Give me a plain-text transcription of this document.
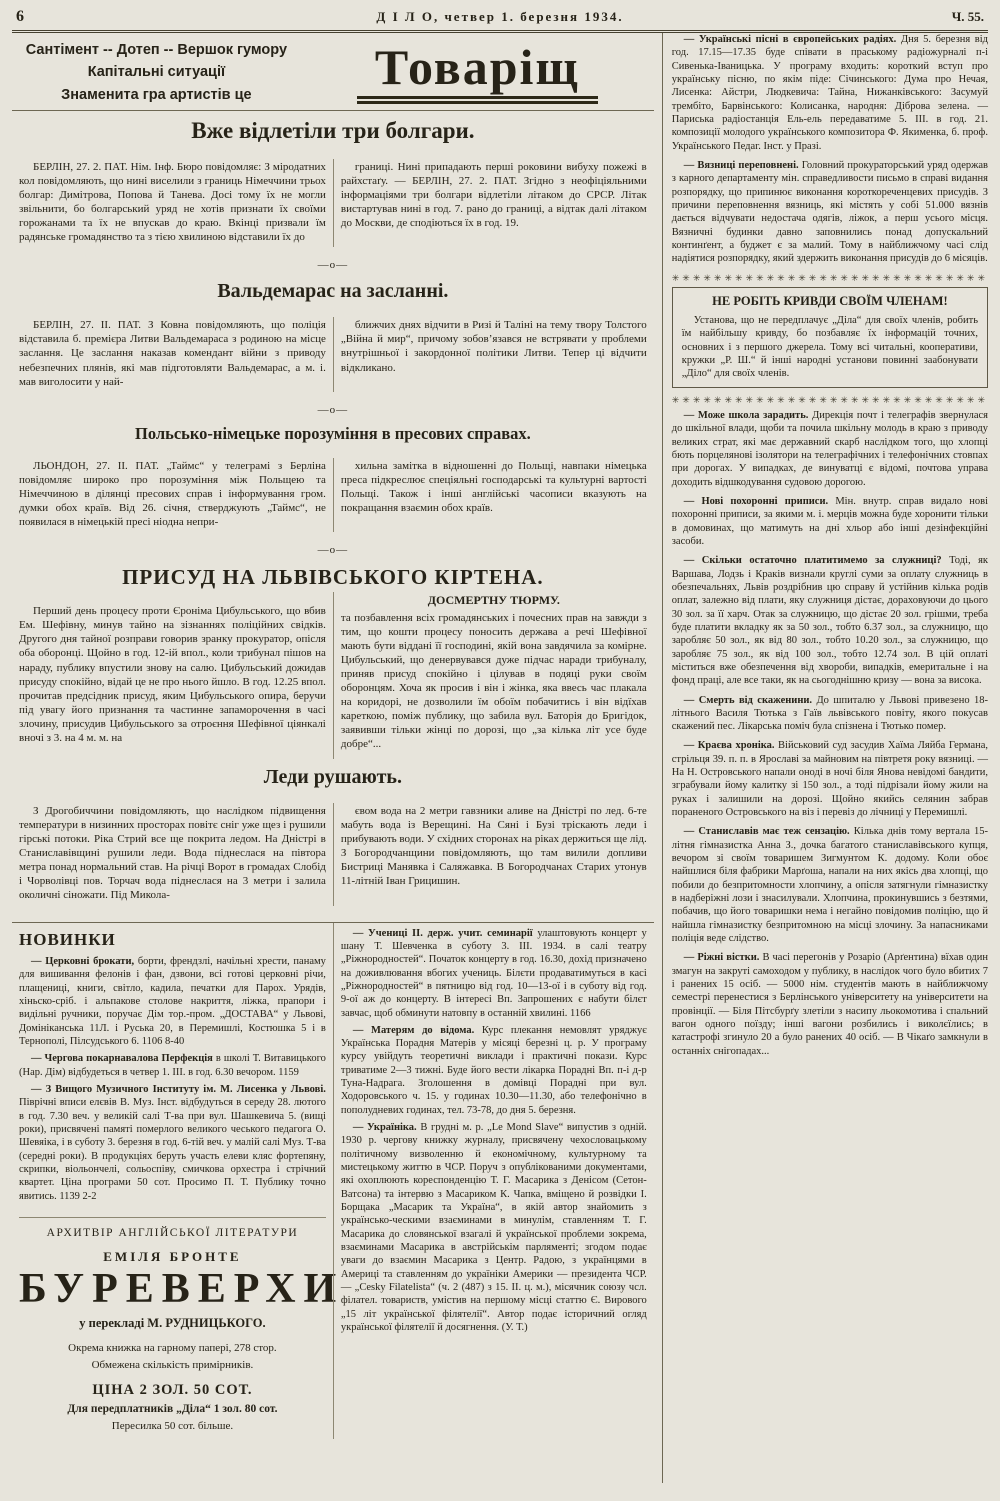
6	Д І Л О, четвер 1. березня 1934.	Ч. 55.
Сантімент -- Дотеп -- Вершок гумору
Капітальні ситуації
Знаменита гра артистів це	Товаріщ
Вже відлетіли три болгари.

БЕРЛІН, 27. 2. ПАТ. Нім. Інф. Бюро повідомляє: З міродатних кол повідомляють, що нині виселили з границь Німеччини трьох болгар: Димітрова, Попова й Танева. Досі тому їх не могли звільнити, бо болгарський уряд не хотів признати їх своїми горожанами та їх не впускав до краю. Вкінці призвали їм радянське громадянство та з тією хвилиною відставили їх до

границі. Нині припадають перші роковини вибуху пожежі в райхстаґу. — БЕРЛІН, 27. 2. ПАТ. Згідно з неофіціяльними інформаціями три болгари відлетіли літаком до СРСР. Літак вистартував нині в год. 7. рано до границі, а відтак далі літаком до Москви, де сподіються їх в год. 19.

—о—
Вальдемарас на засланні.

БЕРЛІН, 27. ІІ. ПАТ. З Ковна повідомляють, що поліція відставила б. премієра Литви Вальдемараса з родиною на місце заслання. Це заслання наказав комендант війни з приводу небезпечних плянів, які мав підготовляти Вальдемарас, а м. і. мав виголосити у най-

ближчих днях відчити в Ризі й Таліні на тему твору Толстого „Війна й мир“, причому зобов’язався не встрявати у проблеми внутрішньої і закордонної політики Литви. Тепер ці відчити відкликано.

—о—
Польсько-німецьке порозуміння в пресових справах.

ЛЬОНДОН, 27. ІІ. ПАТ. „Таймс“ у телеграмі з Берліна повідомляє широко про порозуміння між Польщею та Німеччиною в ділянці пресових справ і інформування гром. думки обох країв. Від 26. січня, стверджують „Таймс“, не появилася в німецькій пресі ніодна непри-

хильна замітка в відношенні до Польщі, навпаки німецька преса підкреслює спеціяльні господарські та культурні вартості Польщі. Також і інші англійські часописи вказують на покращання взаємин обох країв.

—о—
ПРИСУД НА ЛЬВІВСЬКОГО КІРТЕНА.

Перший день процесу проти Єроніма Цибульського, що вбив Ем. Шефівну, минув тайно на зізнаннях поліційних свідків. Другого дня тайної розправи говорив зранку прокуратор, опісля оба оборонці. Щойно в год. 12-ій впол., коли трибунал пішов на нараду, публику впустили знову на салю. Цибульський дожидав присуду спокійно, відай це не про нього йшло. В год. 12.25 впол. прочитав предсідник присуд, яким Цибульського опира, беручи під увагу його признання та частинне запаморочення в часі злочину, присудив Цибульського за отроєння Шефівної ціянкалі вночі з 3. на 4 м. м. на

ДОСМЕРТНУ ТЮРМУ.
та позбавлення всіх громадянських і почесних прав на завжди з тим, що кошти процесу поносить держава а речі Шефівної мають бути віддані її господині, якій вона завдячила за комірне. Цибульський, що денервувався дуже підчас наради трибуналу, приняв присуд спокійно і цілував в подяці руки своїм оборонцям. Хоча як просив і він і жінка, яка ввесь час плакала на коридорі, не дозволили їм обоїм побачитись і він відїхав кареткою, поміж публику, що забила вул. Баторія до Бригідок, заявивши тільки жінці по дорозі, що „за кілька літ усе буде добре“...
Леди рушають.

З Дрогобиччини повідомляють, що наслідком підвищення температури в низинних просторах повітє сніг уже щез і рушили гірські потоки. Ріка Стрий все ще покрита ледом. На Дністрі в Станиславівщині рушили леди. Вода піднеслася на півтора метра понад нормальний став. На річці Ворот в громадах Слобід і Чорволівці пов. Торчач вода піднеслася на 3 метри і залила околичні сіножати. Під Микола-

євом вода на 2 метри гавзники аливе на Дністрі по лед. 6-те мабуть вода із Верещині. На Сяні і Бузі тріскають леди і прибувають води. У східних сторонах на ріках держиться ще лід. З Богородчанщини повідомляють, що там вилили допливи Бистриці Манявка і Саляжавка. В Богородчанах Старих утонув 11-літній Іван Грицишин.

НОВИНКИ

— Церковні брокати, борти, френдзлі, начільні хрести, панаму для вишивання фелонів і фан, дзвони, всі готові церковні річи, плащениці, книги, світло, кадила, печатки для Парох. Урядів, хіньско-сріб. і альпакове столове накриття, ліжка, прапори і видільні ручники, поручає Дім тор.-пром. „ДОСТАВА“ у Львові, Домініканська 11Л. і Руська 20, в Перемишлі, Костюшка 5 і в Тернополі, Пілсудського 6. 1106 8-40

— Чергова покарнавалова Перфекція в школі Т. Витавицького (Нар. Дім) відбудеться в четвер 1. ІІІ. в год. 6.30 вечором. 1159

— З Вищого Музичного Інституту ім. М. Лисенка у Львові. Піврічні вписи елєвів В. Муз. Інст. відбудуться в середу 28. лютого в год. 7.30 веч. у великій салі Т-ва при вул. Шашкевича 5. (вищі роки), присвячені памяті померлого великого чеського педагога О. Шевяіка, і в суботу 3. березня в год. 6-тій веч. у малій салі Муз. Т-ва (середні роки). В продукціях беруть участь елеви кляс фортепяну, скрипки, віольончелі, сольоспіву, смичкова орхестра і стрічний квартет. Ціна програми 50 сот. Просимо П. Т. Публику точно явитись. 1139 2-2

АРХИТВІР АНГЛІЙСЬКОЇ ЛІТЕРАТУРИ
ЕМІЛЯ БРОНТЕ
БУРЕВЕРХИ
у перекладі М. РУДНИЦЬКОГО.
Окрема книжка на гарному папері, 278 стор.
Обмежена скількість примірників.
ЦІНА 2 ЗОЛ. 50 СОТ.
Для передплатників „Діла“ 1 зол. 80 сот.
Пересилка 50 сот. більше.

— Учениці ІІ. держ. учит. семинарії улаштовують концерт у шану Т. Шевченка в суботу 3. ІІІ. 1934. в салі театру „Ріжнородностей“. Початок концерту в год. 16.30, дохід призначено на доживлювання вбогих учениць. Білєти продаватимуться в касі „Ріжнородностей“ в пятницю від год. 10—13-ої і в суботу від год. 9-ої аж до концерту. В інтересі Вп. Запрошених є набути білєт завчас, щоб обминути натовпу в останній хвилині. 1166

— Матерям до відома. Курс плекання немовлят уряджує Українська Порадня Матерів у місяці березні ц. р. У програму курсу увійдуть теоретичні виклади і практичні покази. Курс триватиме 2—3 тижні. Буде його вести лікарка Порадні Вп. п-і д-р Туна-Надрага. Зголошення в домівці Порадні при вул. Ходоровського ч. 15. у годинах 10.30—11.30, або телефонічно в пополудневих годинах, тел. 73-78, до дня 5. березня.

— Україніка. В грудні м. р. „Le Mond Slave“ випустив з одній. 1930 р. чергову книжку журналу, присвячену чехословацькому політичному визволенню й економічному, культурному та мистецькому життю в ЧСР. Поруч з опублікованими документами, які охоплюють кореспонденцію Т. Г. Масарика з Денісом (Сетон-Ватсона) та інтервю з Масариком К. Чапка, вміщено й розвідки І. Борщака „Масарик та Україна“, в якій автор знайомить з українсько-ческими взаєминами в минулім, ставленням Т. Г. Масарика до словянської взагалі й української проблеми зокрема, взаєминами Масарика в австрійськім парляменті; згодом подає уваги до взаємин Масарика з Центр. Радою, з українцями в Америці та ставленням до україніки Америки — президента ЧСР. — „Cesky Filatelista“ (ч. 2 (487) з 15. ІІ. ц. м.), місячник союзу чсл. філател. товариств, умістив на першому місці статтю Є. Вирового „15 літ української філятелії“. Автор подає історичний огляд української філятелії й досягнення. (У. Т.)

— Українські пісні в європейських радіях. Дня 5. березня від год. 17.15—17.35 буде співати в праському радіожурналі п-і Сивенька-Іваницька. У програму входить: короткий вступ про українську пісню, по якім піде: Січинського: Дума про Нечая, Лисенка: Айстри, Людкевича: Тайна, Нижанківського: Засумуй трембіто, Барвінського: Колисанка, народня: Діброва зелена. — Париська радіостанція Ель-ель передаватиме 5. ІІІ. в год. 21. композиції молодого українського композитора Ф. Якименка, б. проф. Українського Педаг. Інст. у Празі.

— Вязниці переповнені. Головний прокураторський уряд одержав з карного департаменту мін. справедливости письмо в справі видання розпорядку, що припинює виконання короткореченцевих присудів. З причини переповнення вязниць, які містять у собі 51.000 вязнів дається відчувати недостача одягів, ліжок, а перш усього місця. Вязничні будинки давно заповнились понад допускальний континґент, а буджет є за малий. Тому в найближчому часі слід надіятися розпорядку, який здержить виконання присудів до 6 місяців.

✳✳✳✳✳✳✳✳✳✳✳✳✳✳✳✳✳✳✳✳✳✳✳✳✳✳✳✳✳✳
НЕ РОБІТЬ КРИВДИ СВОЇМ ЧЛЕНАМ!

Установа, що не передплачує „Діла“ для своїх членів, робить їм найбільшу кривду, бо позбавляє їх інформацій точних, основних і з першого джерела. Тому всі читальні, кооперативи, кружки „Р. Ш.“ й інші народні установи повинні заабонувати „Діло“ для своїх членів.

✳✳✳✳✳✳✳✳✳✳✳✳✳✳✳✳✳✳✳✳✳✳✳✳✳✳✳✳✳✳

— Може школа зарадить. Дирекція почт і телеграфів звернулася до шкільної влади, щоби та почила шкільну молодь в краю з приводу великих страт, які має державний скарб наслідком того, що хлопці бють порцелянові ізолятори на телеграфічних і телефонічних стовпах при дорогах. У випадках, де винуватці є відомі, почтова управа доходить відшкодування судовою дорогою.

— Нові похоронні приписи. Мін. внутр. справ видало нові похоронні приписи, за якими м. і. мерців можна буде хоронити тільки в домовинах, що матимуть на дні хльор або інші дезінфекційні засоби.

— Скільки остаточно платитимемо за служниці? Тоді, як Варшава, Лодзь і Краків визнали круглі суми за оплату служниць в обезпечальнях, Львів роздрібнив цю справу й устійнив кілька родів оплат, залежно від плати, яку служниця дістає, дораховуючи до цього 30 зол. за її харч. Отак за служницю, що дістає 20 зол. грішми, треба буде платити вкладку як за 50 зол., тобто 6.37 зол., за служницю, що заробляє 50 зол., як від 80 зол., тобто 10.20 зол., за служницю, що заробляє 75 зол., як від 100 зол., тобто 12.74 зол. В цій оплаті міститься вже обезпечення від хвороби, випадків, емеритальне і на фонд праці, але все таки, як на сьогоднішню кризу — вона за висока.

— Смерть від скаженини. До шпиталю у Львові привезено 18-літнього Василя Тютька з Гаїв львівського повіту, якого покусав скажений пес. Лікарська поміч була спізнена і Тютько помер.

— Краєва хроніка. Військовий суд засудив Хаїма Ляйба Германа, стрільця 39. п. п. в Ярославі за майновим на півтретя року вязниці. — На Н. Островського напали оноді в ночі біля Янова невідомі бандити, зграбували йому калитку зі 150 зол., а тоді підрізали йому жили на руках і залишили на дорозі. Щойно якийсь селянин забрав пораненого Островського на віз і перевіз до лічниці у Перемишлі.

— Станиславів має теж сензацію. Кілька днів тому вертала 15-літня гімназистка Анна З., дочка багатого станиславівського купця, вечором зі своїм товаришем Зигмунтом К. додому. Коли обоє найшлися біля фабрики Марґоша, напали на них якісь два хлопці, що побили до безпритомности хлопчину, а опісля затягнули гімназистку в надберіжні лози і знасилували. Хлопчина, прокинувшись з безтями, побачив, що його товаришки нема і негайно повідомив поліцію, що й найшла гімназистку безпритомною на місці злочину. За напасниками поліція веде слідство.

— Ріжні вістки. В часі перегонів у Розаріо (Арґентина) вїхав один змагун на закруті самоходом у публику, в наслідок чого було вбитих 7 і ранених 15 осіб. — 5000 нім. студентів мають в найближчому семестрі перенестися з Берлінського університету на університети на провінції. — Біля Пітсбурґу злетіли з насипу льокомотива і спальний вагон одного поїзду; інші вагони розбились і виколєїлись; в катастрофі згинуло 20 а було ранених 40 осіб. — В Чікаґо замкнули в останніх снігопадах...
